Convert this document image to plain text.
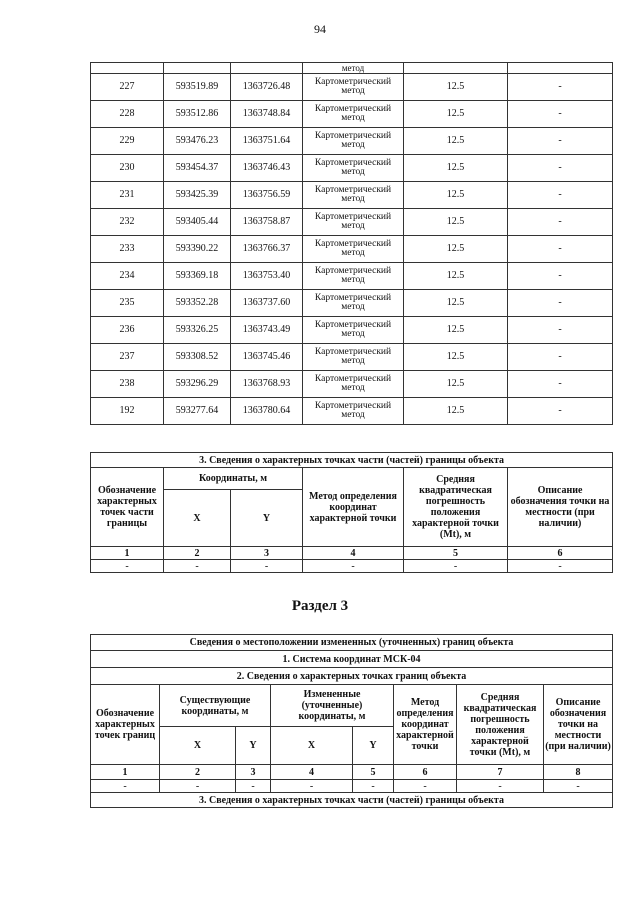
94
			метод		
227	593519.89	1363726.48	Картометрический метод	12.5	-
228	593512.86	1363748.84	Картометрический метод	12.5	-
229	593476.23	1363751.64	Картометрический метод	12.5	-
230	593454.37	1363746.43	Картометрический метод	12.5	-
231	593425.39	1363756.59	Картометрический метод	12.5	-
232	593405.44	1363758.87	Картометрический метод	12.5	-
233	593390.22	1363766.37	Картометрический метод	12.5	-
234	593369.18	1363753.40	Картометрический метод	12.5	-
235	593352.28	1363737.60	Картометрический метод	12.5	-
236	593326.25	1363743.49	Картометрический метод	12.5	-
237	593308.52	1363745.46	Картометрический метод	12.5	-
238	593296.29	1363768.93	Картометрический метод	12.5	-
192	593277.64	1363780.64	Картометрический метод	12.5	-
3. Сведения о характерных точках части (частей) границы объекта					
Обозначение характерных точек части границы	Координаты, м		Метод определения координат характерной точки	Средняя квадратическая погрешность положения характерной точки (Mt), м	Описание обозначения точки на местности (при наличии)
	X	Y			
1	2	3	4	5	6
-	-	-	-	-	-
Раздел 3
Сведения о местоположении измененных (уточненных) границ объекта							
1. Система координат МСК-04							
2. Сведения о характерных точках границ объекта							
Обозначение характерных точек границ	Существующие координаты, м		Измененные (уточненные) координаты, м		Метод определения координат характерной точки	Средняя квадратическая погрешность положения характерной точки (Mt), м	Описание обозначения точки на местности (при наличии)
	X	Y	X	Y			
1	2	3	4	5	6	7	8
-	-	-	-	-	-	-	-
3. Сведения о характерных точках части (частей) границы объекта							
